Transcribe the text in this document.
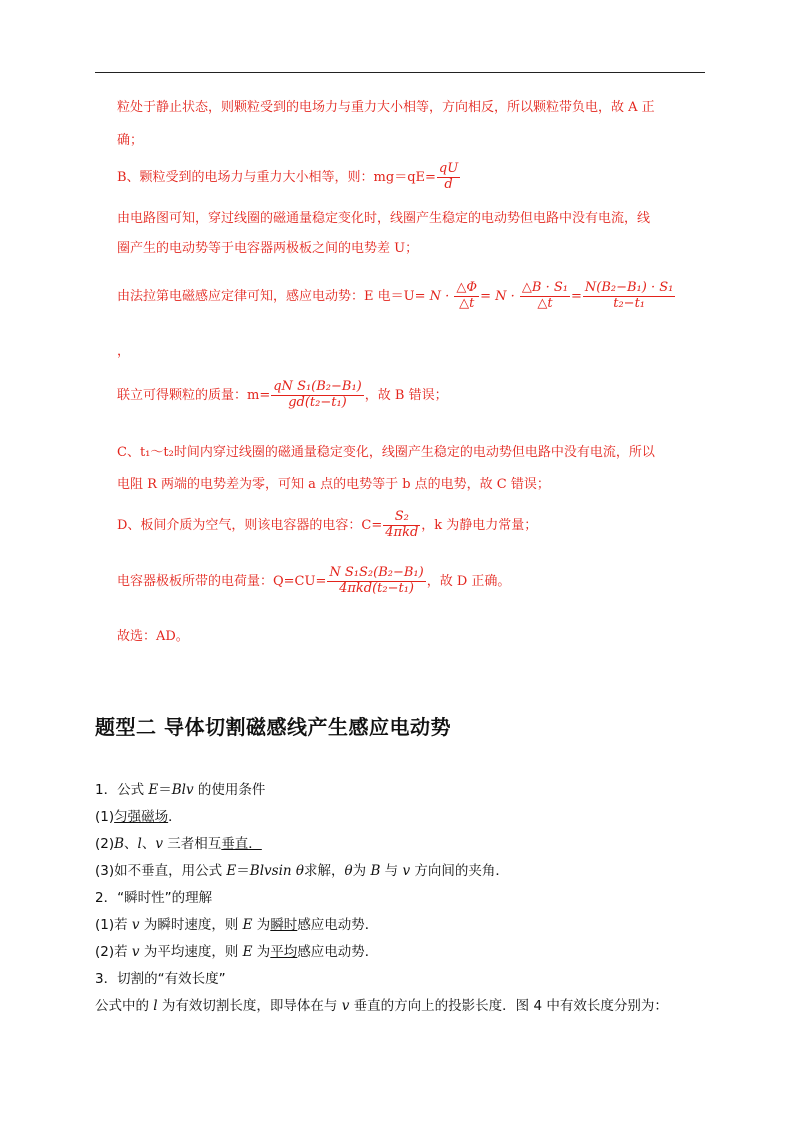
粒处于静止状态，则颗粒受到的电场力与重力大小相等，方向相反，所以颗粒带负电，故 A 正
确；
B、颗粒受到的电场力与重力大小相等，则：$mg=qE= \frac{qU}{d}$
由电路图可知，穿过线圈的磁通量稳定变化时，线圈产生稳定的电动势但电路中没有电流，线
圈产生的电动势等于电容器两极板之间的电势差 U；
由法拉第电磁感应定律可知，感应电动势：E 电$=U= N \cdot \frac{\triangle\Phi}{\triangle t} = N \cdot \frac{\text{△B · S₁}}{\triangle t} = \frac{\text{N(B₂−B₁) · S₁}}{\text{t₂−t₁}}$
，
联立可得颗粒的质量：$m= \frac{\text{qN S₁(B₂−B₁)}}{\text{gd(t₂−t₁)}}$ ，故 B 错误；
C、t₁～t₂时间内穿过线圈的磁通量稳定变化，线圈产生稳定的电动势但电路中没有电流，所以
电阻 R 两端的电势差为零，可知 a 点的电势等于 b 点的电势，故 C 错误；
D、板间介质为空气，则该电容器的电容：$C= \frac{\text{S₂}}{\text{4πkd}}$ ，k 为静电力常量；
电容器极板所带的电荷量：$Q=CU= \frac{\text{N S₁S₂(B₂−B₁)}}{\text{4πkd(t₂−t₁)}}$ ，故 D 正确。
故选：AD。
题型二 导体切割磁感线产生感应电动势
1．公式 E＝Blv 的使用条件
(1)匀强磁场．
(2)B、l、v 三者相互垂直．
(3)如不垂直，用公式 E＝Blvsin θ求解，θ为 B 与 v 方向间的夹角．
2．“瞬时性”的理解
(1)若 v 为瞬时速度，则 E 为瞬时感应电动势．
(2)若 v 为平均速度，则 E 为平均感应电动势．
3．切割的“有效长度”
公式中的 l 为有效切割长度，即导体在与 v 垂直的方向上的投影长度．图 4 中有效长度分别为：
